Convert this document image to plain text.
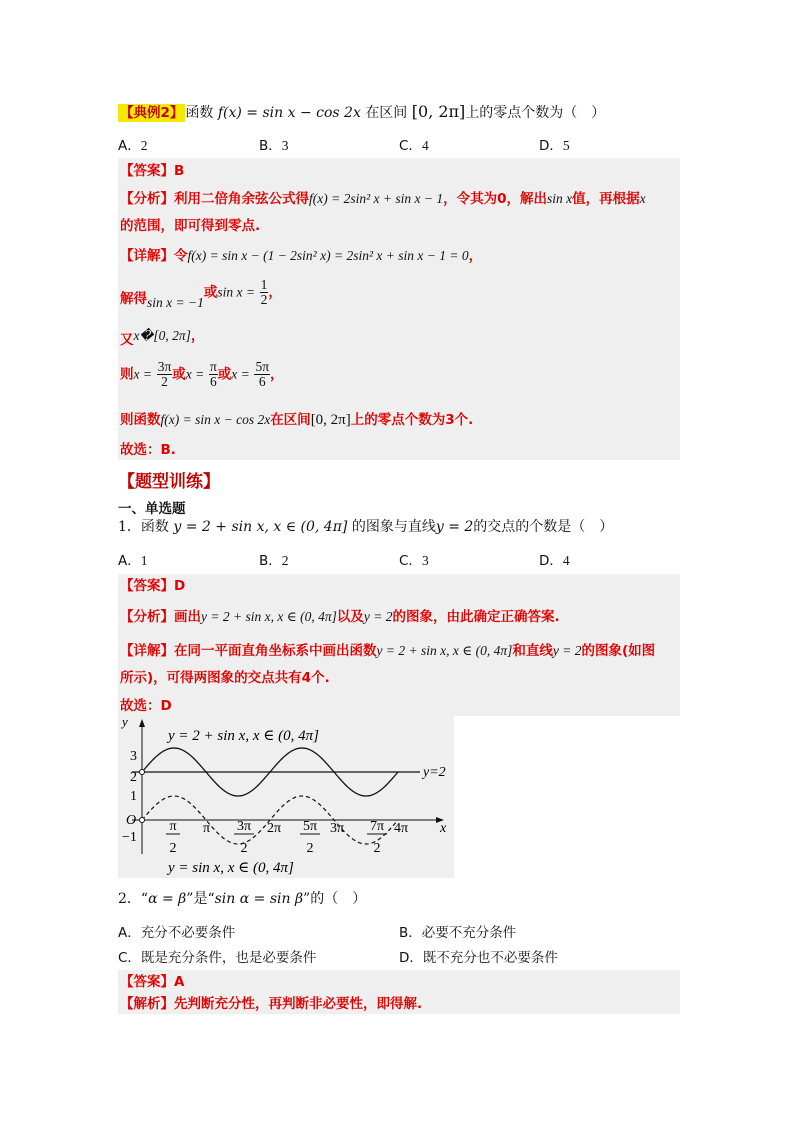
【典例2】 函数 f(x) = sin x − cos 2x 在区间 [0, 2π]上的零点个数为（　）
A．2	B．3	C．4	D．5
【答案】B
【分析】利用二倍角余弦公式得f(x) = 2sin² x + sin x − 1，令其为0，解出sin x值，再根据x
的范围，即可得到零点.
【详解】令f(x) = sin x − (1 − 2sin² x) = 2sin² x + sin x − 1 = 0，
解得sin x = −1或$\sin x = \frac{1}{2}$ ，
又x�[0, 2π]，
则$x = \frac{3\pi}{2}$ 或$x = \frac{\pi}{6}$ 或$x = \frac{5\pi}{6}$ ，
则函数f(x) = sin x − cos 2x在区间[0, 2π]上的零点个数为3个.
故选：B.
【题型训练】
一、单选题
1．函数 y = 2 + sin x, x ∈ (0, 4π] 的图象与直线y = 2的交点的个数是（　）
A．1	B．2	C．3	D．4
【答案】D
【分析】画出y = 2 + sin x, x ∈ (0, 4π]以及y = 2的图象，由此确定正确答案.
【详解】在同一平面直角坐标系中画出函数y = 2 + sin x, x ∈ (0, 4π]和直线y = 2的图象(如图
所示)，可得两图象的交点共有4个.
故选：D
y
3
2
1
−1
O
x
π	2π	3π	4π
π
2
3π
2
5π
2
7π
2
y = 2 + sin x, x ∈ (0, 4π]
y = sin x, x ∈ (0, 4π]
y=2
2．“α = β”是“sin α = sin β”的（　）
A．充分不必要条件	B．必要不充分条件
C．既是充分条件，也是必要条件	D．既不充分也不必要条件
【答案】A
【解析】先判断充分性，再判断非必要性，即得解.
